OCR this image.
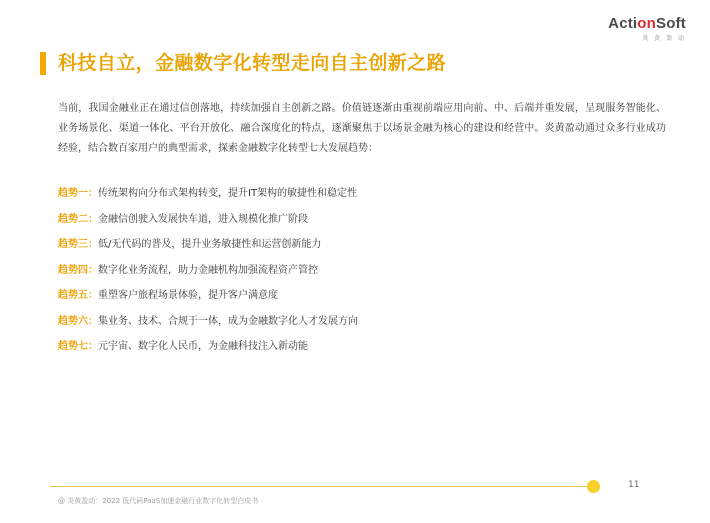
ActionSoft
炎 黄 盈 动
科技自立，金融数字化转型走向自主创新之路
当前，我国金融业正在通过信创落地，持续加强自主创新之路。价值链逐渐由重视前端应用向前、中、后端并重发展，呈现服务智能化、业务场景化、渠道一体化、平台开放化、融合深度化的特点，逐渐聚焦于以场景金融为核心的建设和经营中。炎黄盈动通过众多行业成功经验，结合数百家用户的典型需求，探索金融数字化转型七大发展趋势：
趋势一：传统架构向分布式架构转变，提升IT架构的敏捷性和稳定性
趋势二：金融信创驶入发展快车道，进入规模化推广阶段
趋势三：低/无代码的普及，提升业务敏捷性和运营创新能力
趋势四：数字化业务流程，助力金融机构加强流程资产管控
趋势五：重塑客户旅程场景体验，提升客户满意度
趋势六：集业务、技术、合规于一体，成为金融数字化人才发展方向
趋势七：元宇宙、数字化人民币，为金融科技注入新动能
11
@ 炎黄盈动：2022 低代码PaaS加速金融行业数字化转型白皮书
